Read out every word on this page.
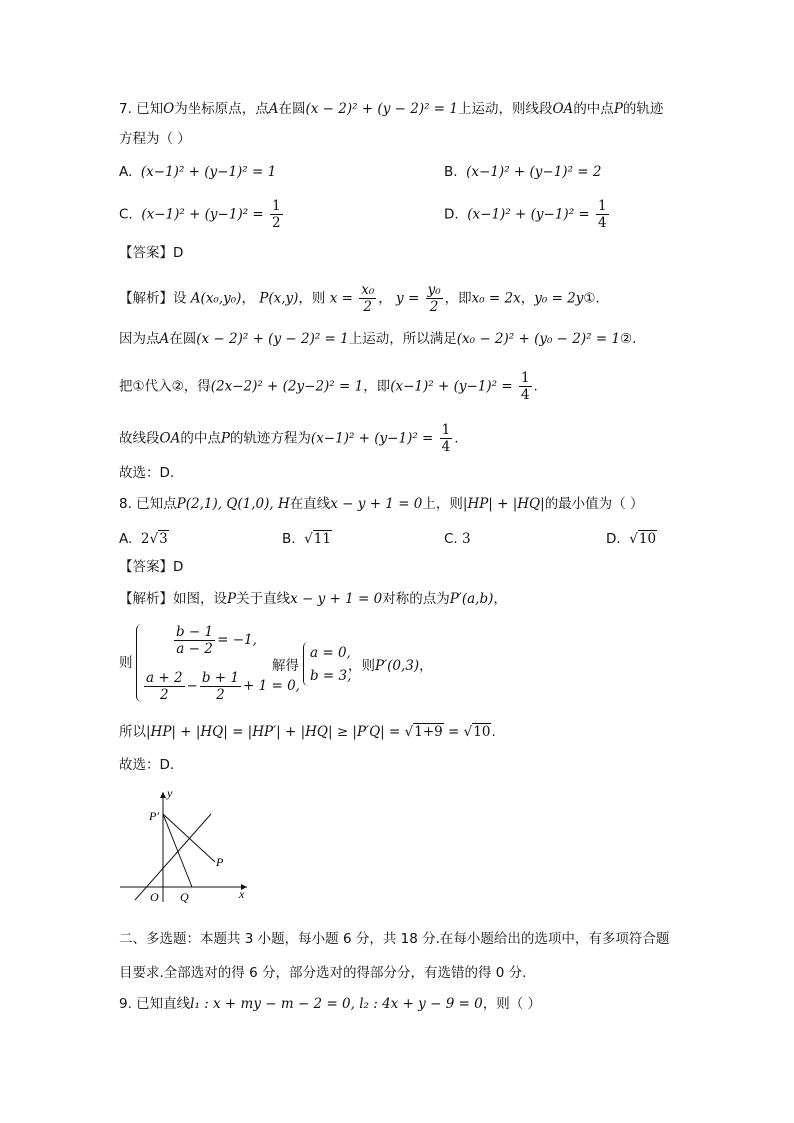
7. 已知O为坐标原点，点A在圆(x − 2)² + (y − 2)² = 1上运动，则线段OA的中点P的轨迹
方程为（ ）
A. (x−1)² + (y−1)² = 1	B. (x−1)² + (y−1)² = 2
C. $(x-1)^2 + (y-1)^2 = \frac{1}{2}$	D. $(x-1)^2 + (y-1)^2 = \frac{1}{4}$
【答案】D
【解析】设 A(x₀,y₀)， P(x,y)，则 $x = \frac{\text{x₀}}{2}$ ， $y = \frac{\text{y₀}}{2}$ ，即x₀ = 2x，y₀ = 2y①.
因为点A在圆(x − 2)² + (y − 2)² = 1上运动，所以满足(x₀ − 2)² + (y₀ − 2)² = 1②.
把①代入②，得(2x−2)² + (2y−2)² = 1，即$(x-1)^2 + (y-1)^2 = \frac{1}{4}$ .
故线段OA的中点P的轨迹方程为$(x-1)^2 + (y-1)^2 = \frac{1}{4}$ .
故选：D.
8. 已知点P(2,1), Q(1,0), H在直线x − y + 1 = 0上，则|HP| + |HQ|的最小值为（ ）
A. 2√3	B. √11	C. 3	D. √10
【答案】D
【解析】如图，设P关于直线x − y + 1 = 0对称的点为P′(a,b)，
则
$\frac{b - 1}{a - 2} = -1$,
$\frac{a + 2}{2} - \frac{b + 1}{2} + 1 = 0$,
解得
a = 0,
b = 3,
，则P′(0,3)，
所以|HP| + |HQ| = |HP′| + |HQ| ≥ |P′Q| = √1+9 = √10.
故选：D.
y
x
P′
P
O Q
二、多选题：本题共 3 小题，每小题 6 分，共 18 分.在每小题给出的选项中，有多项符合题
目要求.全部选对的得 6 分，部分选对的得部分分，有选错的得 0 分.
9. 已知直线l₁ : x + my − m − 2 = 0, l₂ : 4x + y − 9 = 0，则（ ）
